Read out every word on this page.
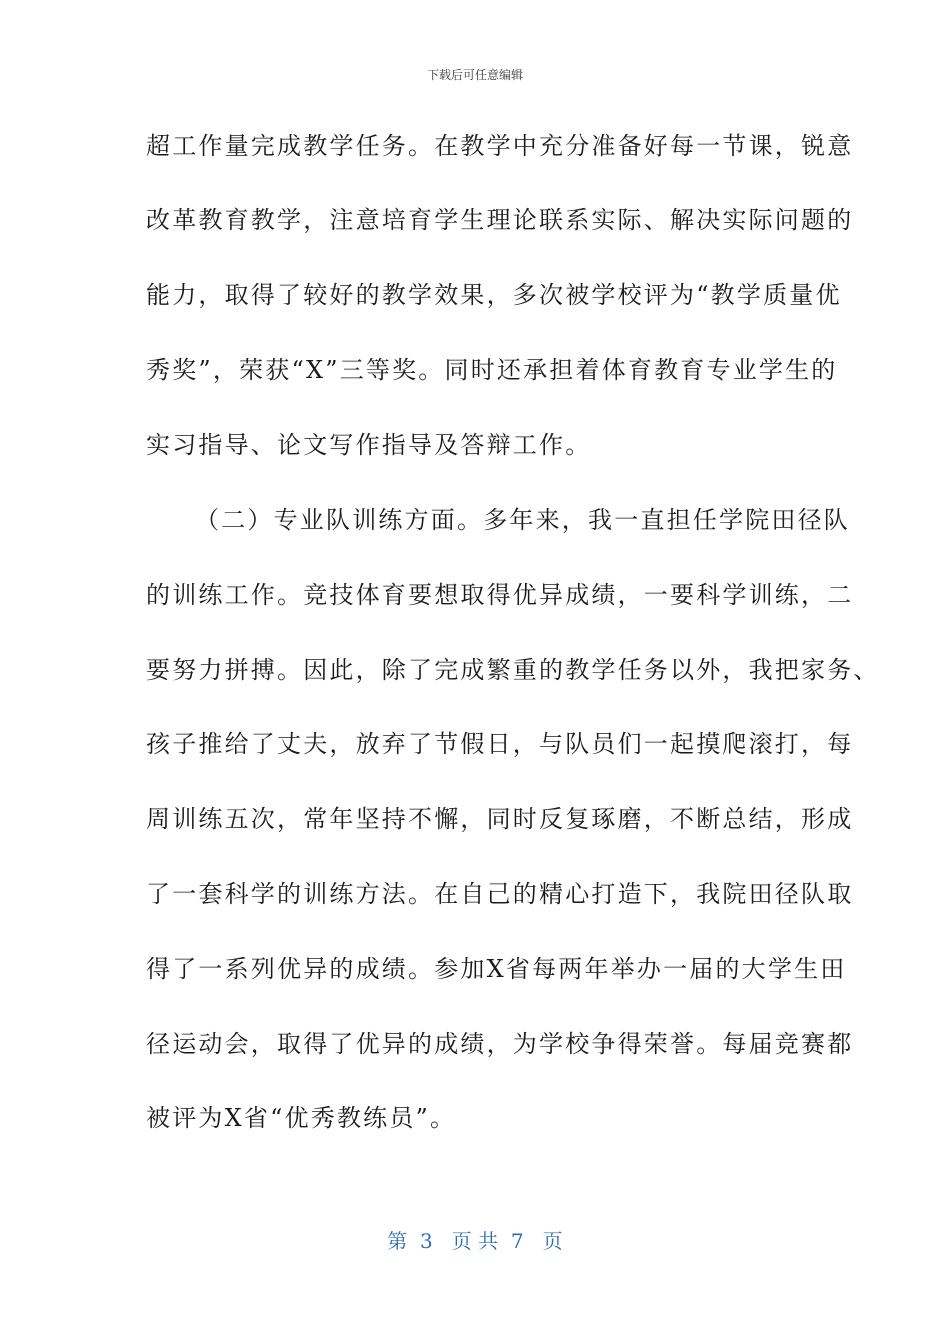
下载后可任意编辑
超工作量完成教学任务。在教学中充分准备好每一节课，锐意
改革教育教学，注意培育学生理论联系实际、解决实际问题的
能力，取得了较好的教学效果，多次被学校评为“教学质量优
秀奖”，荣获“X”三等奖。同时还承担着体育教育专业学生的
实习指导、论文写作指导及答辩工作。
（二）专业队训练方面。多年来，我一直担任学院田径队
的训练工作。竞技体育要想取得优异成绩，一要科学训练，二
要努力拼搏。因此，除了完成繁重的教学任务以外，我把家务、
孩子推给了丈夫，放弃了节假日，与队员们一起摸爬滚打，每
周训练五次，常年坚持不懈，同时反复琢磨，不断总结，形成
了一套科学的训练方法。在自己的精心打造下，我院田径队取
得了一系列优异的成绩。参加X省每两年举办一届的大学生田
径运动会，取得了优异的成绩，为学校争得荣誉。每届竞赛都
被评为X省“优秀教练员”。
第  3   页 共  7   页
